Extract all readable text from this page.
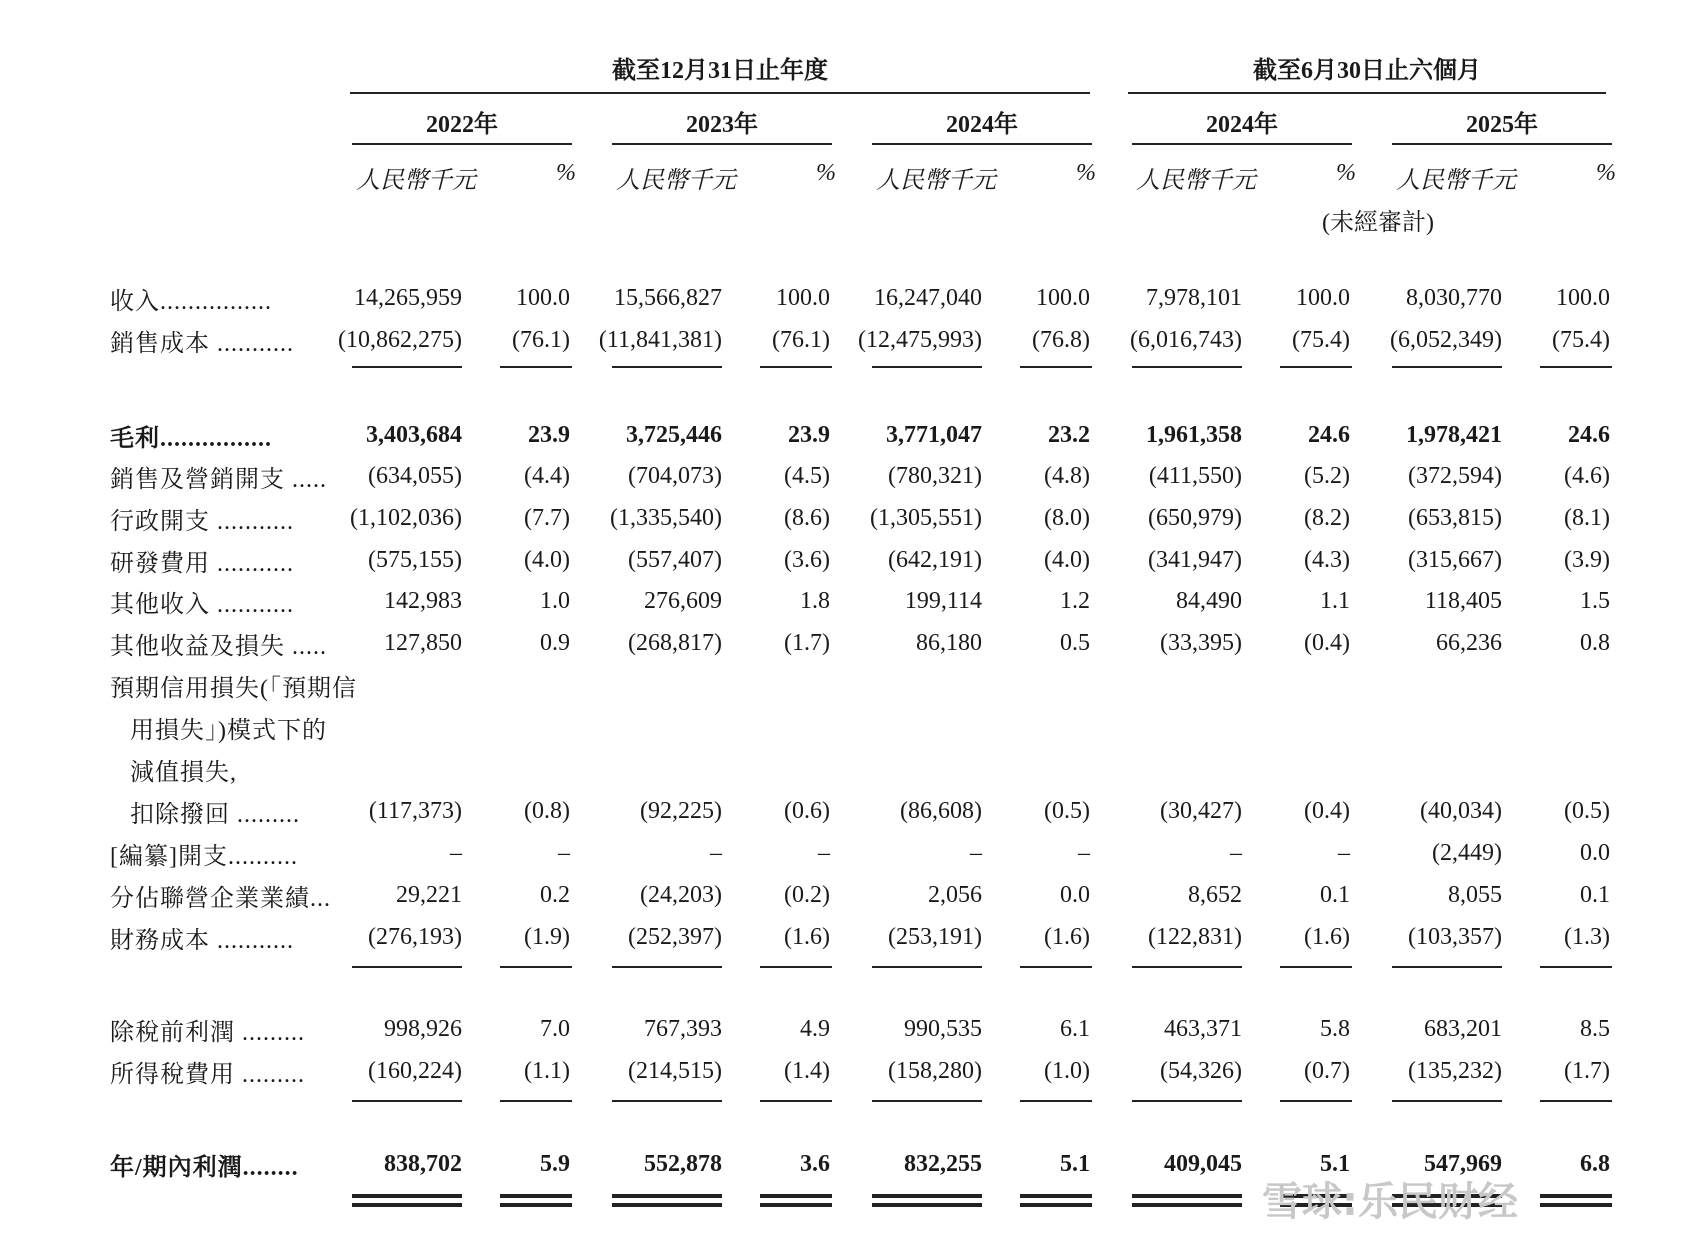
截至12月31日止年度	截至6月30日止六個月
2022年	2023年	2024年	2024年	2025年
人民幣千元	% 人民幣千元	% 人民幣千元	% 人民幣千元	% 人民幣千元	%
(未經審計)
收入................	14,265,959	100.0	15,566,827	100.0	16,247,040	100.0	7,978,101	100.0	8,030,770	100.0
銷售成本 ...........	(10,862,275)	(76.1)	(11,841,381)	(76.1)	(12,475,993)	(76.8)	(6,016,743)	(75.4)	(6,052,349)	(75.4)
毛利................	3,403,684	23.9	3,725,446	23.9	3,771,047	23.2	1,961,358	24.6	1,978,421	24.6
銷售及營銷開支 .....	(634,055)	(4.4)	(704,073)	(4.5)	(780,321)	(4.8)	(411,550)	(5.2)	(372,594)	(4.6)
行政開支 ...........	(1,102,036)	(7.7)	(1,335,540)	(8.6)	(1,305,551)	(8.0)	(650,979)	(8.2)	(653,815)	(8.1)
研發費用 ...........	(575,155)	(4.0)	(557,407)	(3.6)	(642,191)	(4.0)	(341,947)	(4.3)	(315,667)	(3.9)
其他收入 ...........	142,983	1.0	276,609	1.8	199,114	1.2	84,490	1.1	118,405	1.5
其他收益及損失 .....	127,850	0.9	(268,817)	(1.7)	86,180	0.5	(33,395)	(0.4)	66,236	0.8
預期信用損失(「預期信
用損失」)模式下的
減值損失,
扣除撥回 .........	(117,373)	(0.8)	(92,225)	(0.6)	(86,608)	(0.5)	(30,427)	(0.4)	(40,034)	(0.5)
[編纂]開支..........	–	–	–	–	–	–	–	–	(2,449)	0.0
分佔聯營企業業績...	29,221	0.2	(24,203)	(0.2)	2,056	0.0	8,652	0.1	8,055	0.1
財務成本 ...........	(276,193)	(1.9)	(252,397)	(1.6)	(253,191)	(1.6)	(122,831)	(1.6)	(103,357)	(1.3)
除稅前利潤 .........	998,926	7.0	767,393	4.9	990,535	6.1	463,371	5.8	683,201	8.5
所得稅費用 .........	(160,224)	(1.1)	(214,515)	(1.4)	(158,280)	(1.0)	(54,326)	(0.7)	(135,232)	(1.7)
年/期內利潤........	838,702	5.9	552,878	3.6	832,255	5.1	409,045	5.1	547,969	6.8
雪球:乐民财经
